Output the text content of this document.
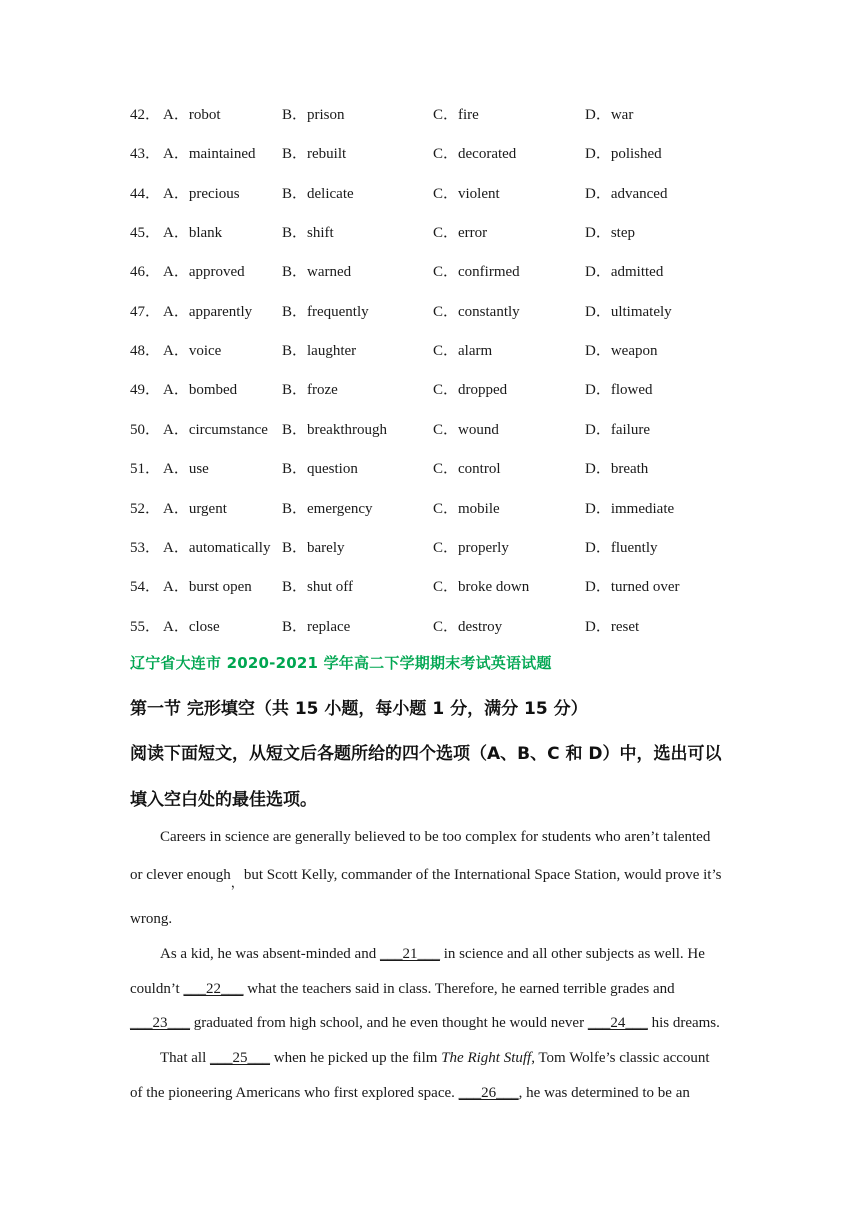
42． A．robot	B．prison	C．fire	D．war
43． A．maintained B．rebuilt	C．decorated	D．polished
44． A．precious	B．delicate	C．violent	D．advanced
45． A．blank	B．shift	C．error	D．step
46． A．approved B．warned	C．confirmed	D．admitted
47． A．apparently B．frequently	C．constantly	D．ultimately
48． A．voice	B．laughter	C．alarm	D．weapon
49． A．bombed	B．froze	C．dropped	D．flowed
50． A．circumstance B．breakthrough	C．wound	D．failure
51． A．use	B．question	C．control	D．breath
52． A．urgent	B．emergency	C．mobile	D．immediate
53． A．automatically B．barely	C．properly	D．fluently
54． A．burst open B．shut off	C．broke down	D．turned over
55． A．close	B．replace	C．destroy	D．reset
辽宁省大连市 2020-2021 学年高二下学期期末考试英语试题
第一节 完形填空（共 15 小题，每小题 1 分，满分 15 分）
阅读下面短文，从短文后各题所给的四个选项（A、B、C 和 D）中，选出可以
填入空白处的最佳选项。
Careers in science are generally believed to be too complex for students who aren’t talented
or clever enough，but Scott Kelly, commander of the International Space Station, would prove it’s
wrong.
As a kid, he was absent-minded and ___21___ in science and all other subjects as well. He
couldn’t ___22___ what the teachers said in class. Therefore, he earned terrible grades and
___23___ graduated from high school, and he even thought he would never ___24___ his dreams.
That all ___25___ when he picked up the film The Right Stuff, Tom Wolfe’s classic account
of the pioneering Americans who first explored space. ___26___, he was determined to be an
